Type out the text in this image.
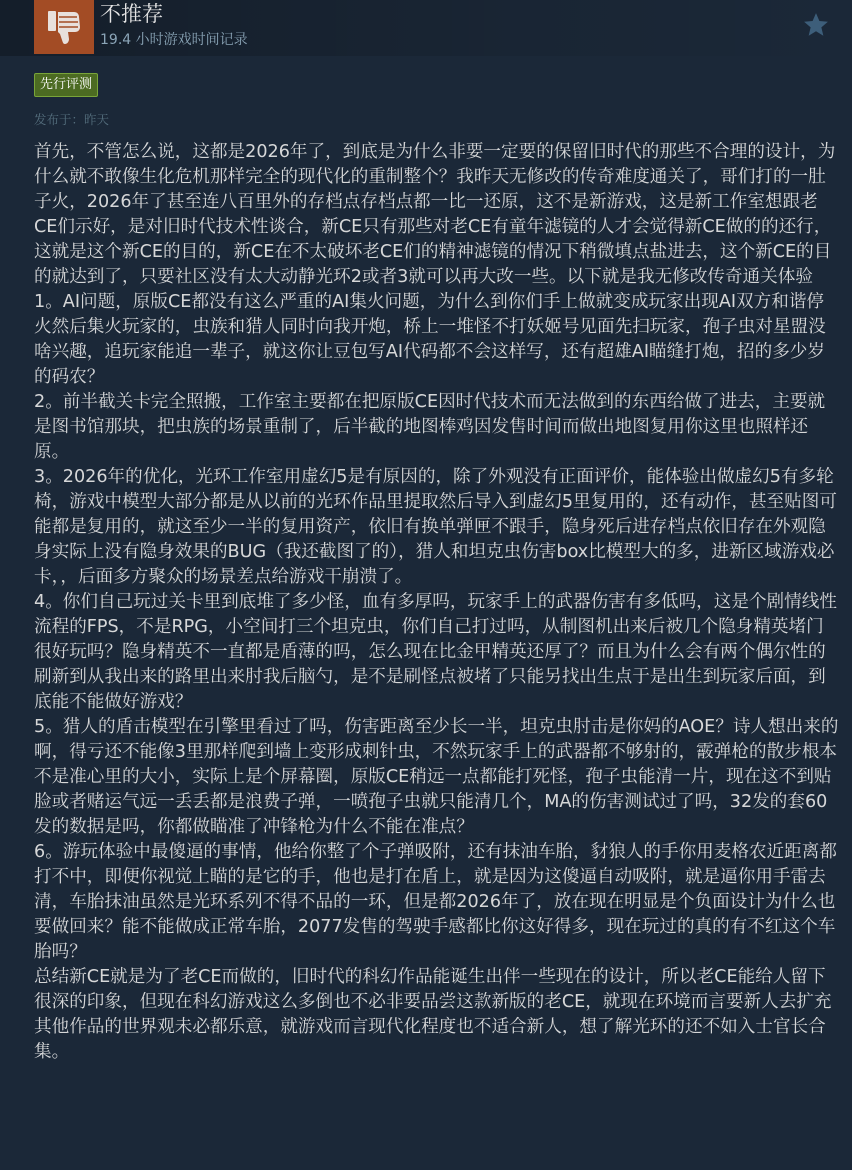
不推荐
19.4 小时游戏时间记录
先行评测
发布于：昨天

首先，不管怎么说，这都是2026年了，到底是为什么非要一定要的保留旧时代的那些不合理的设计，为什么就不敢像生化危机那样完全的现代化的重制整个？我昨天无修改的传奇难度通关了，哥们打的一肚子火，2026年了甚至连八百里外的存档点存档点都一比一还原，这不是新游戏，这是新工作室想跟老CE们示好，是对旧时代技术性谈合，新CE只有那些对老CE有童年滤镜的人才会觉得新CE做的的还行，这就是这个新CE的目的，新CE在不太破坏老CE们的精神滤镜的情况下稍微填点盐进去，这个新CE的目的就达到了，只要社区没有太大动静光环2或者3就可以再大改一些。以下就是我无修改传奇通关体验

1。AI问题，原版CE都没有这么严重的AI集火问题，为什么到你们手上做就变成玩家出现AI双方和谐停火然后集火玩家的，虫族和猎人同时向我开炮，桥上一堆怪不打妖姬号见面先扫玩家，孢子虫对星盟没啥兴趣，追玩家能追一辈子，就这你让豆包写AI代码都不会这样写，还有超雄AI瞄缝打炮，招的多少岁的码农？

2。前半截关卡完全照搬，工作室主要都在把原版CE因时代技术而无法做到的东西给做了进去，主要就是图书馆那块，把虫族的场景重制了，后半截的地图棒鸡因发售时间而做出地图复用你这里也照样还原。

3。2026年的优化，光环工作室用虚幻5是有原因的，除了外观没有正面评价，能体验出做虚幻5有多轮椅，游戏中模型大部分都是从以前的光环作品里提取然后导入到虚幻5里复用的，还有动作，甚至贴图可能都是复用的，就这至少一半的复用资产，依旧有换单弹匣不跟手，隐身死后进存档点依旧存在外观隐身实际上没有隐身效果的BUG（我还截图了的），猎人和坦克虫伤害box比模型大的多，进新区域游戏必卡，，后面多方聚众的场景差点给游戏干崩溃了。

4。你们自己玩过关卡里到底堆了多少怪，血有多厚吗，玩家手上的武器伤害有多低吗，这是个剧情线性流程的FPS，不是RPG，小空间打三个坦克虫，你们自己打过吗，从制图机出来后被几个隐身精英堵门很好玩吗？隐身精英不一直都是盾薄的吗，怎么现在比金甲精英还厚了？而且为什么会有两个偶尔性的刷新到从我出来的路里出来肘我后脑勺，是不是刷怪点被堵了只能另找出生点于是出生到玩家后面，到底能不能做好游戏？

5。猎人的盾击模型在引擎里看过了吗，伤害距离至少长一半，坦克虫肘击是你妈的AOE？诗人想出来的啊，得亏还不能像3里那样爬到墙上变形成刺针虫，不然玩家手上的武器都不够射的，霰弹枪的散步根本不是准心里的大小，实际上是个屏幕圈，原版CE稍远一点都能打死怪，孢子虫能清一片，现在这不到贴脸或者赌运气远一丢丢都是浪费子弹，一喷孢子虫就只能清几个，MA的伤害测试过了吗，32发的套60发的数据是吗，你都做瞄准了冲锋枪为什么不能在准点？

6。游玩体验中最傻逼的事情，他给你整了个子弹吸附，还有抹油车胎，豺狼人的手你用麦格农近距离都打不中，即便你视觉上瞄的是它的手，他也是打在盾上，就是因为这傻逼自动吸附，就是逼你用手雷去清，车胎抹油虽然是光环系列不得不品的一环，但是都2026年了，放在现在明显是个负面设计为什么也要做回来？能不能做成正常车胎，2077发售的驾驶手感都比你这好得多，现在玩过的真的有不红这个车胎吗？

总结新CE就是为了老CE而做的，旧时代的科幻作品能诞生出伴一些现在的设计，所以老CE能给人留下很深的印象，但现在科幻游戏这么多倒也不必非要品尝这款新版的老CE，就现在环境而言要新人去扩充其他作品的世界观未必都乐意，就游戏而言现代化程度也不适合新人，想了解光环的还不如入士官长合集。
